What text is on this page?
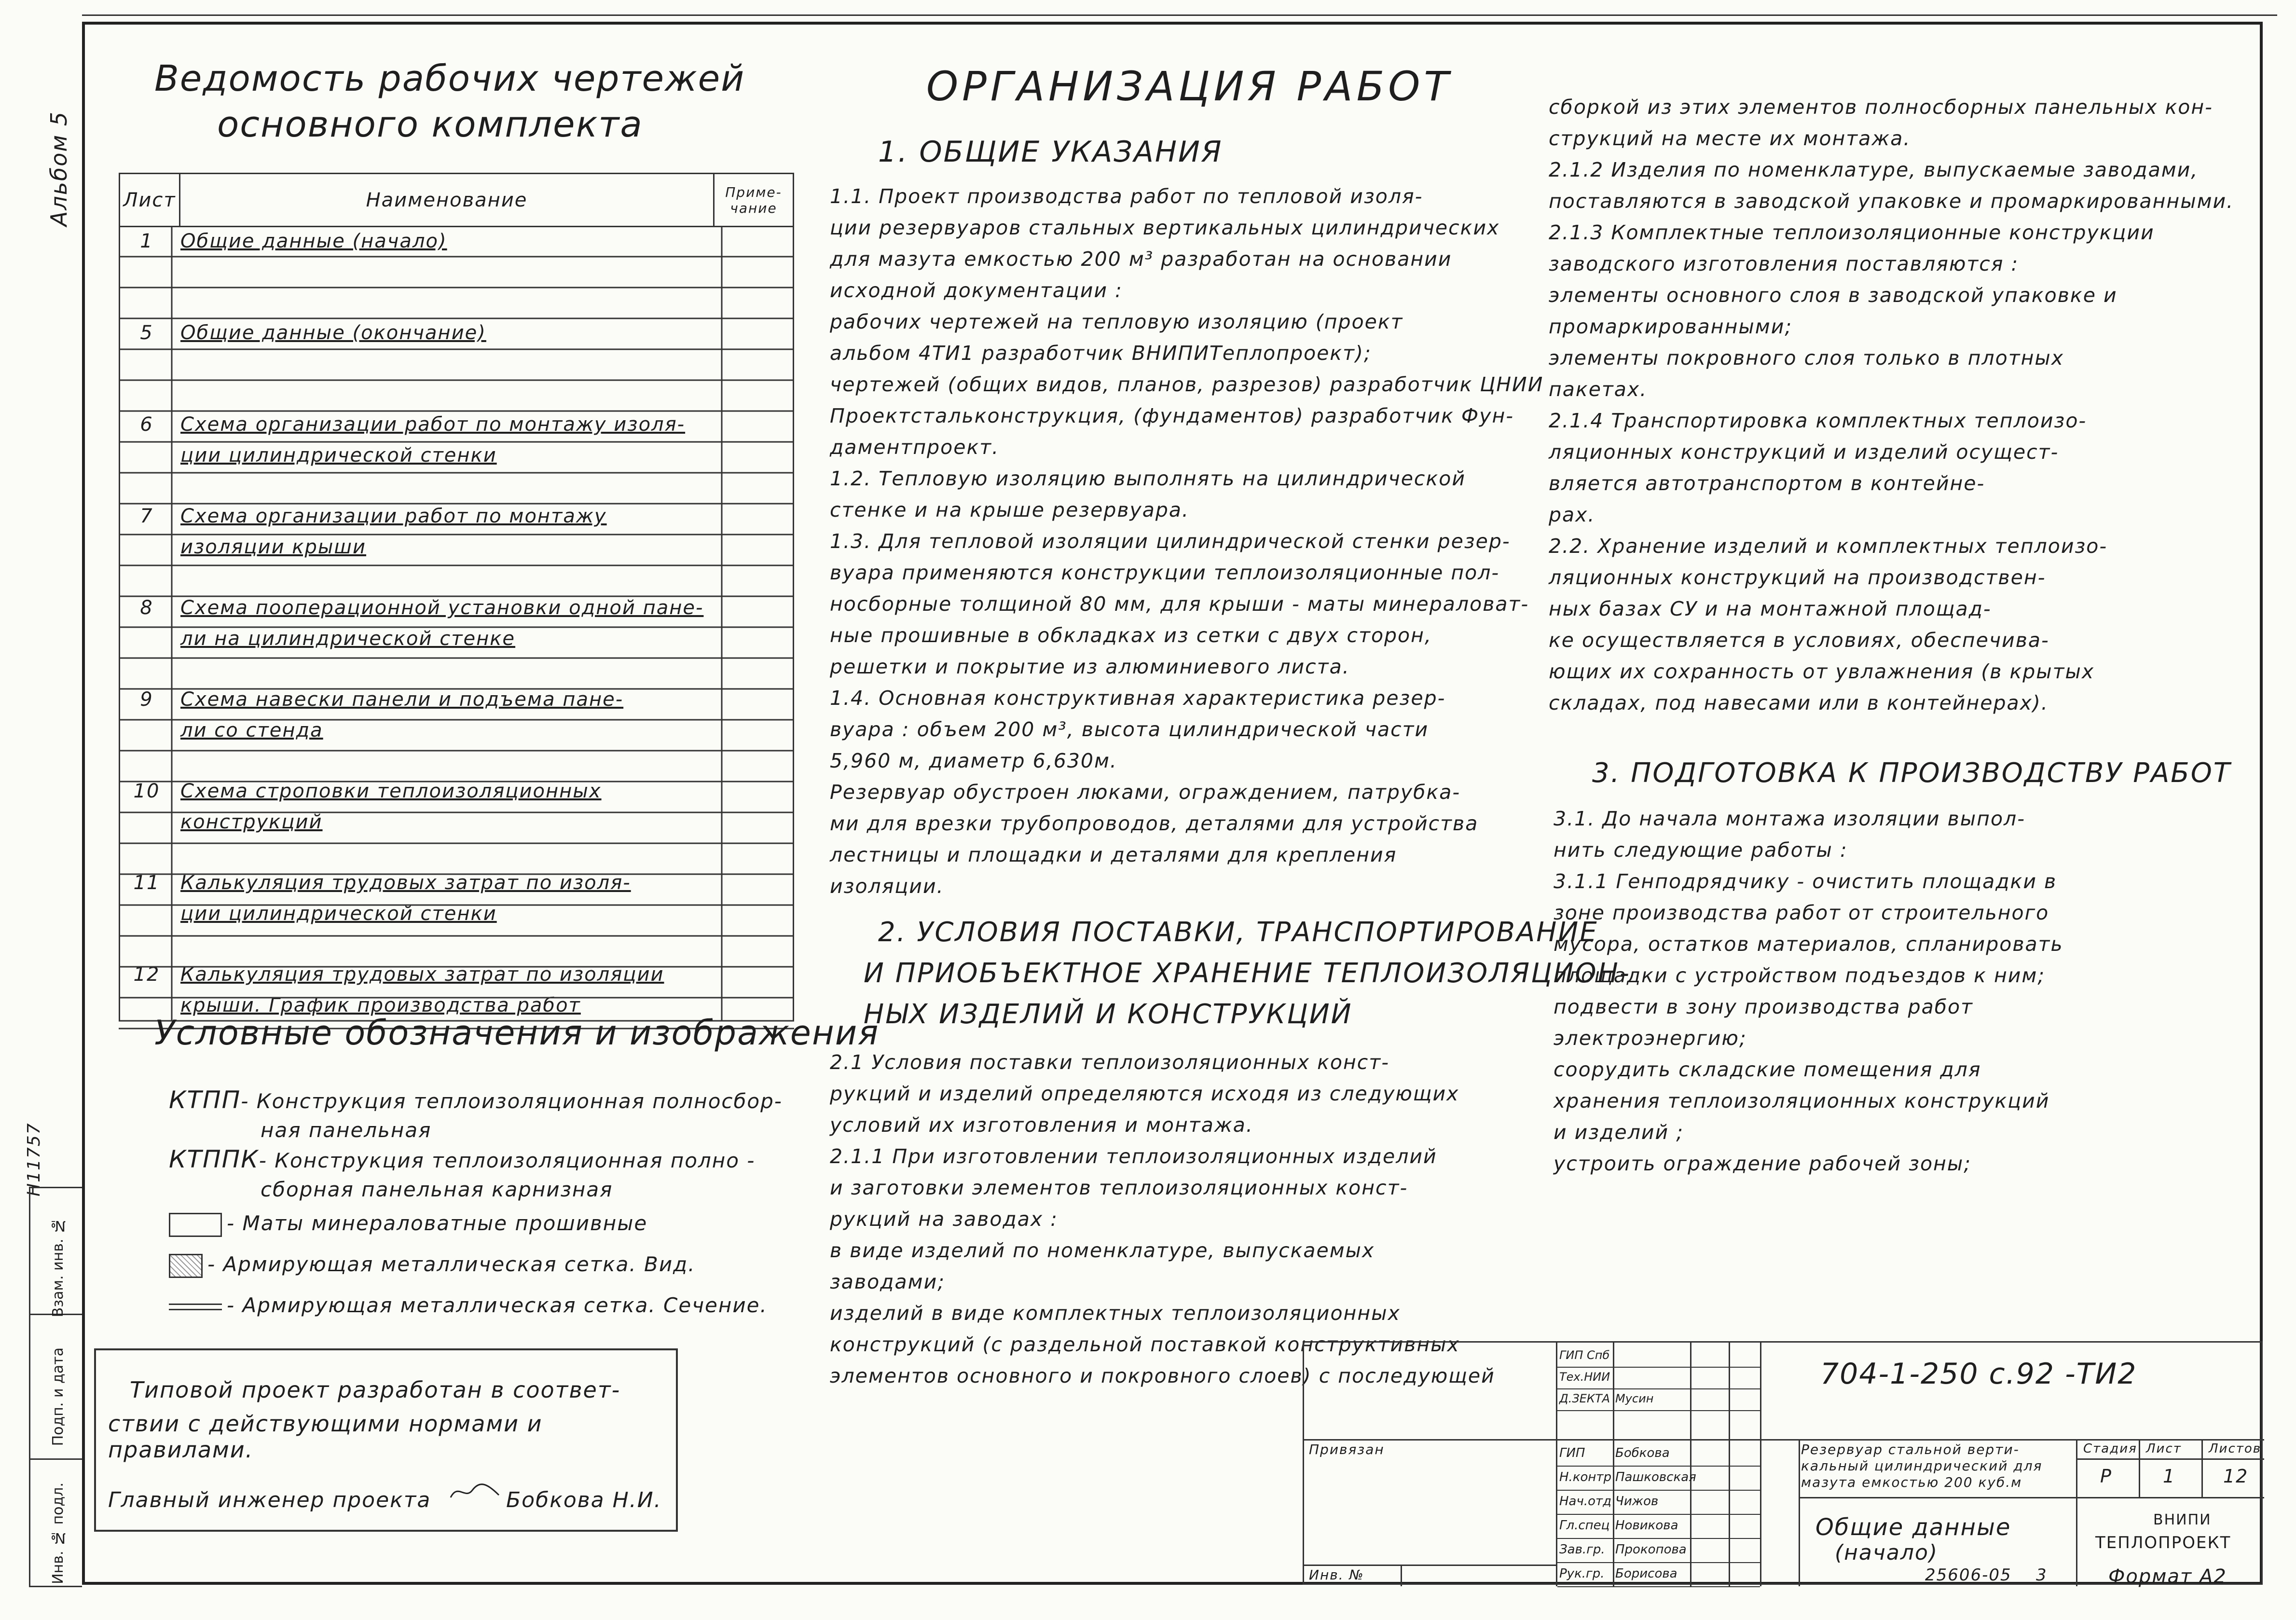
Альбом 5
Н11757
Взам. инв. №
Подп. и дата
Инв. № подл.
Ведомость рабочих чертежей
основного комплекта
Лист	Наименование	Приме-чание
1	Общие данные (начало)
5	Общие данные (окончание)
6	Схема организации работ по монтажу изоля-
ции цилиндрической стенки
7	Схема организации работ по монтажу
изоляции крыши
8	Схема пооперационной установки одной пане-
ли на цилиндрической стенке
9	Схема навески панели и подъема пане-
ли со стенда
10	Схема строповки теплоизоляционных
конструкций
11	Калькуляция трудовых затрат по изоля-
ции цилиндрической стенки
12	Калькуляция трудовых затрат по изоляции
крыши. График производства работ
Условные обозначения и изображения
КТПП- Конструкция теплоизоляционная полносбор-
ная панельная
КТППК- Конструкция теплоизоляционная полно -
сборная панельная карнизная
- Маты минераловатные прошивные
- Армирующая металлическая сетка. Вид.
- Армирующая металлическая сетка. Сечение.
Типовой проект разработан в соответ-
ствии с действующими нормами и правилами.
Главный инженер проекта	Бобкова Н.И.
ОРГАНИЗАЦИЯ РАБОТ
1. ОБЩИЕ УКАЗАНИЯ
1.1. Проект производства работ по тепловой изоля-
ции резервуаров стальных вертикальных цилиндрических
для мазута емкостью 200 м³ разработан на основании
исходной документации :
рабочих чертежей на тепловую изоляцию (проект
альбом 4ТИ1 разработчик ВНИПИТеплопроект);
чертежей (общих видов, планов, разрезов) разработчик ЦНИИ
Проектстальконструкция, (фундаментов) разработчик Фун-
даментпроект.
1.2. Тепловую изоляцию выполнять на цилиндрической
стенке и на крыше резервуара.
1.3. Для тепловой изоляции цилиндрической стенки резер-
вуара применяются конструкции теплоизоляционные пол-
носборные толщиной 80 мм, для крыши - маты минераловат-
ные прошивные в обкладках из сетки с двух сторон,
решетки и покрытие из алюминиевого листа.
1.4. Основная конструктивная характеристика резер-
вуара : объем 200 м³, высота цилиндрической части
5,960 м, диаметр 6,630м.
Резервуар обустроен люками, ограждением, патрубка-
ми для врезки трубопроводов, деталями для устройства
лестницы и площадки и деталями для крепления
изоляции.
2. УСЛОВИЯ ПОСТАВКИ, ТРАНСПОРТИРОВАНИЕ
И ПРИОБЪЕКТНОЕ ХРАНЕНИЕ ТЕПЛОИЗОЛЯЦИОН-
НЫХ ИЗДЕЛИЙ И КОНСТРУКЦИЙ
2.1 Условия поставки теплоизоляционных конст-
рукций и изделий определяются исходя из следующих
условий их изготовления и монтажа.
2.1.1 При изготовлении теплоизоляционных изделий
и заготовки элементов теплоизоляционных конст-
рукций на заводах :
в виде изделий по номенклатуре, выпускаемых
заводами;
изделий в виде комплектных теплоизоляционных
конструкций (с раздельной поставкой конструктивных
элементов основного и покровного слоев) с последующей
сборкой из этих элементов полносборных панельных кон-
струкций на месте их монтажа.
2.1.2 Изделия по номенклатуре, выпускаемые заводами,
поставляются в заводской упаковке и промаркированными.
2.1.3 Комплектные теплоизоляционные конструкции
заводского изготовления поставляются :
элементы основного слоя в заводской упаковке и
промаркированными;
элементы покровного слоя только в плотных
пакетах.
2.1.4 Транспортировка комплектных теплоизо-
ляционных конструкций и изделий осущест-
вляется автотранспортом в контейне-
рах.
2.2. Хранение изделий и комплектных теплоизо-
ляционных конструкций на производствен-
ных базах СУ и на монтажной площад-
ке осуществляется в условиях, обеспечива-
ющих их сохранность от увлажнения (в крытых
складах, под навесами или в контейнерах).
3. ПОДГОТОВКА К ПРОИЗВОДСТВУ РАБОТ
3.1. До начала монтажа изоляции выпол-
нить следующие работы :
3.1.1 Генподрядчику - очистить площадки в
зоне производства работ от строительного
мусора, остатков материалов, спланировать
площадки с устройством подъездов к ним;
подвести в зону производства работ
электроэнергию;
соорудить складские помещения для
хранения теплоизоляционных конструкций
и изделий ;
устроить ограждение рабочей зоны;
Привязан
Инв. №
704-1-250 с.92 -ТИ2
ГИП Спб
Тех.НИИ
Д.ЗЕКТА Мусин
ГИП Бобкова
Н.контр Пашковская
Нач.отд Чижов
Гл.спец Новикова
Зав.гр. Прокопова
Рук.гр. Борисова
Резервуар стальной верти-кальный цилиндрический для мазута емкостью 200 куб.м
Стадия Лист Листов
Р	1	12
Общие данные
(начало)
ВНИПИ
ТЕПЛОПРОЕКТ
25606-05 3	Формат А2
